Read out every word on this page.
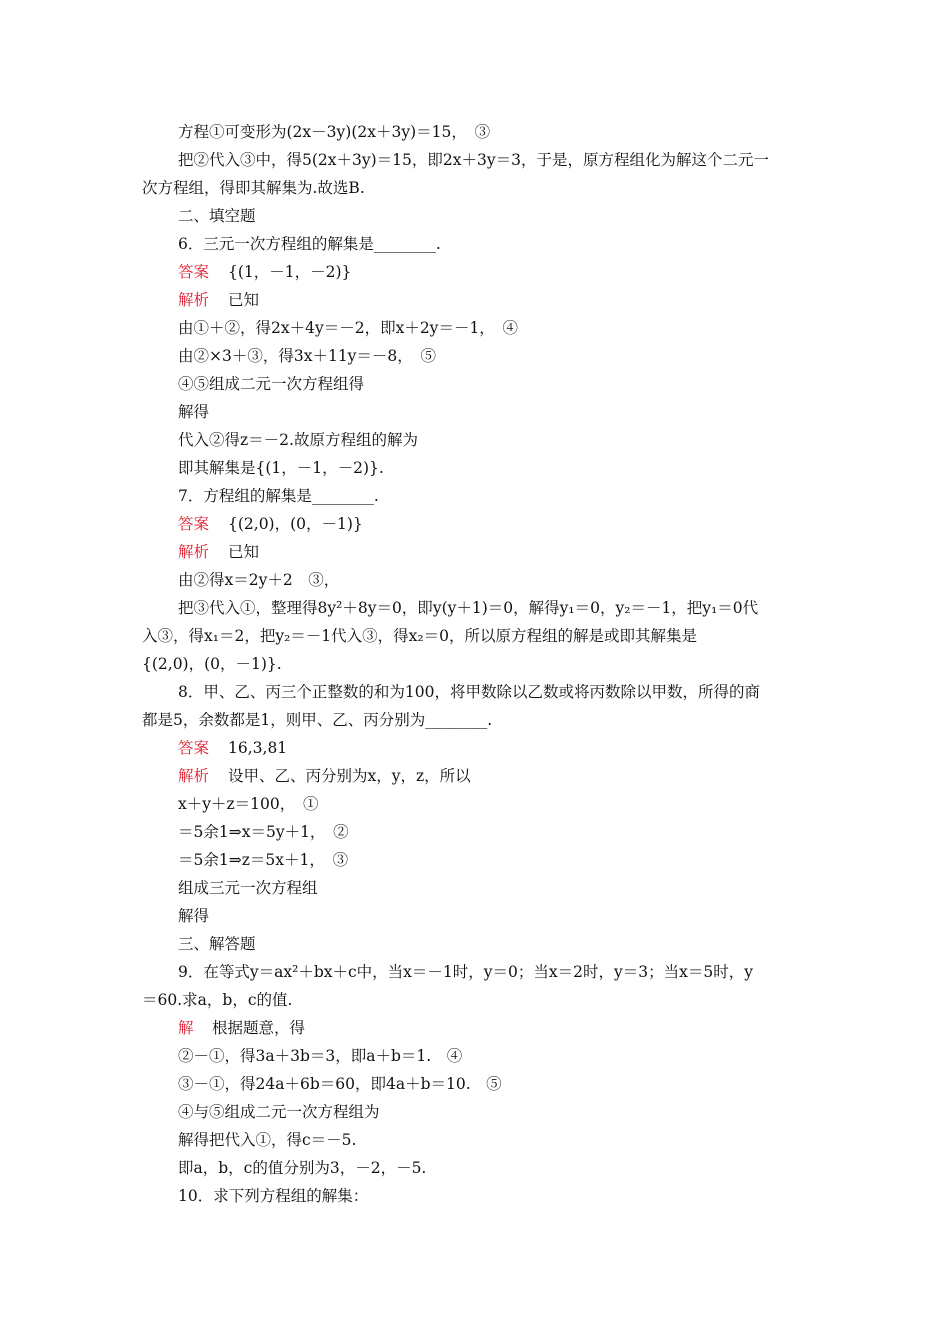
方程①可变形为(2x－3y)(2x＋3y)＝15，　③
把②代入③中，得5(2x＋3y)＝15，即2x＋3y＝3，于是，原方程组化为解这个二元一
次方程组，得即其解集为.故选B.
二、填空题
6．三元一次方程组的解集是________.
答案 {(1，－1，－2)}
解析 已知
由①＋②，得2x＋4y＝－2，即x＋2y＝－1，　④
由②×3＋③，得3x＋11y＝－8，　⑤
④⑤组成二元一次方程组得
解得
代入②得z＝－2.故原方程组的解为
即其解集是{(1，－1，－2)}.
7．方程组的解集是________.
答案 {(2,0)，(0，－1)}
解析 已知
由②得x＝2y＋2　③，
把③代入①，整理得8y²＋8y＝0，即y(y＋1)＝0，解得y₁＝0，y₂＝－1，把y₁＝0代
入③，得x₁＝2，把y₂＝－1代入③，得x₂＝0，所以原方程组的解是或即其解集是
{(2,0)，(0，－1)}.
8．甲、乙、丙三个正整数的和为100，将甲数除以乙数或将丙数除以甲数，所得的商
都是5，余数都是1，则甲、乙、丙分别为________.
答案 16,3,81
解析 设甲、乙、丙分别为x，y，z，所以
x＋y＋z＝100，　①
＝5余1⇒x＝5y＋1，　②
＝5余1⇒z＝5x＋1，　③
组成三元一次方程组
解得
三、解答题
9．在等式y＝ax²＋bx＋c中，当x＝－1时，y＝0；当x＝2时，y＝3；当x＝5时，y
＝60.求a，b，c的值.
解 根据题意，得
②－①，得3a＋3b＝3，即a＋b＝1.　④
③－①，得24a＋6b＝60，即4a＋b＝10.　⑤
④与⑤组成二元一次方程组为
解得把代入①，得c＝－5.
即a，b，c的值分别为3，－2，－5.
10．求下列方程组的解集：
